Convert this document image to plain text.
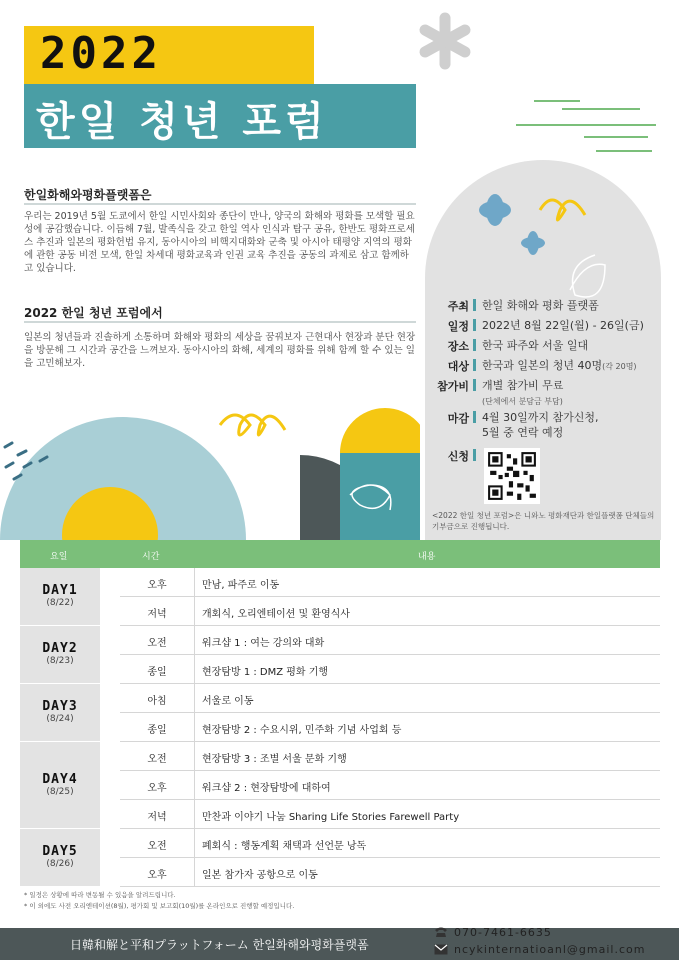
2022
한일 청년 포럼
한일화해와평화플랫폼은
우리는 2019년 5월 도쿄에서 한일 시민사회와 종단이 만나, 양국의 화해와 평화를 모색할 필요성에 공감했습니다. 이듬해 7월, 발족식을 갖고 한일 역사 인식과 탐구 공유, 한반도 평화프로세스 추진과 일본의 평화헌법 유지, 동아시아의 비핵지대화와 군축 및 아시아 태평양 지역의 평화에 관한 공동 비전 모색, 한일 차세대 평화교육과 인권 교육 추진을 공동의 과제로 삼고 함께하고 있습니다.
2022 한일 청년 포럼에서
일본의 청년들과 진솔하게 소통하며 화해와 평화의 세상을 꿈꿔보자 근현대사 현장과 분단 현장을 방문해 그 시간과 공간을 느껴보자. 동아시아의 화해, 세계의 평화를 위해 함께 할 수 있는 일을 고민해보자.
주최	한일 화해와 평화 플랫폼
일정	2022년 8월 22일(월) - 26일(금)
장소	한국 파주와 서울 일대
대상	한국과 일본의 청년 40명(각 20명)
참가비	개별 참가비 무료
(단체에서 분담금 부담)
마감	4월 30일까지 참가신청,
5월 중 연락 예정
신청
<2022 한일 청년 포럼>은 니와노 평화재단과 한일플랫폼 단체들의 기부금으로 진행됩니다.
요일	시간	내용
DAY1
(8/22)
오후	만남, 파주로 이동
저녁	개회식, 오리엔테이션 및 환영식사
DAY2
(8/23)
오전	워크샵 1 : 여는 강의와 대화
종일	현장탐방 1 : DMZ 평화 기행
DAY3
(8/24)
아침	서울로 이동
종일	현장탐방 2 : 수요시위, 민주화 기념 사업회 등
DAY4
(8/25)
오전	현장탐방 3 : 조별 서울 문화 기행
오후	워크샵 2 : 현장탐방에 대하여
저녁	만찬과 이야기 나눔 Sharing Life Stories Farewell Party
DAY5
(8/26)
오전	폐회식 : 행동계획 채택과 선언문 낭독
오후	일본 참가자 공항으로 이동
* 일정은 상황에 따라 변동될 수 있음을 알려드립니다.
* 이 외에도 사전 오리엔테이션(8월), 평가회 및 보고회(10월)를 온라인으로 진행할 예정입니다.
日韓和解と平和プラットフォーム 한일화해와평화플랫폼
070-7461-6635
ncykinternatioanl@gmail.com
